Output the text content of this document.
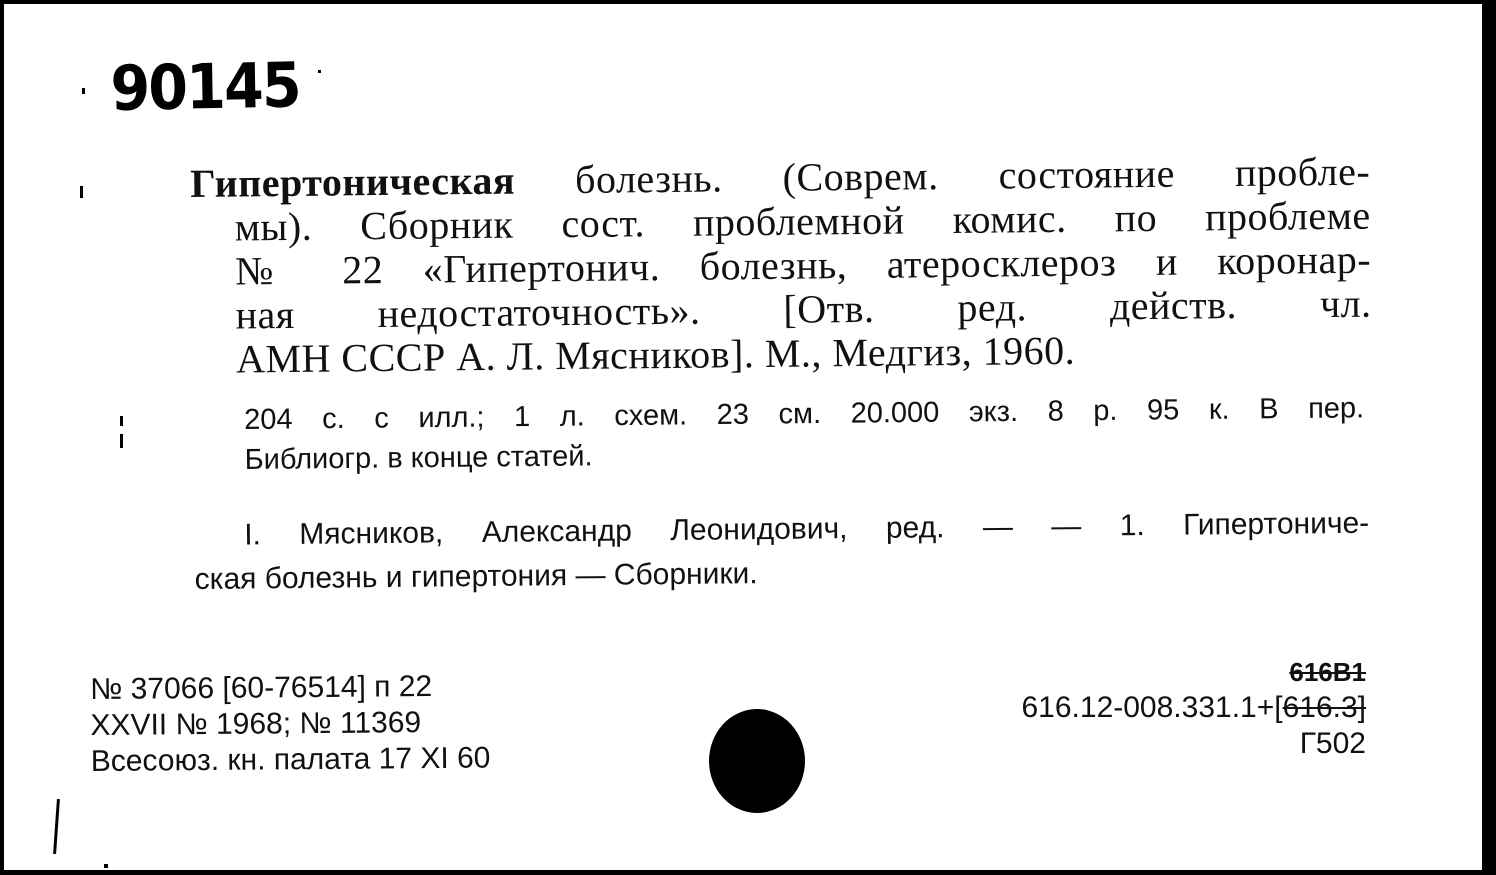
90145
Гипертоническая болезнь. (Соврем. состояние пробле-
мы). Сборник сост. проблемной комис. по проблеме
№ 22 «Гипертонич. болезнь, атеросклероз и коронар-
ная недостаточность». [Отв. ред. действ. чл.
АМН СССР А. Л. Мясников]. М., Медгиз, 1960.
204 с. с илл.; 1 л. схем. 23 см. 20.000 экз. 8 р. 95 к. В пер.
Библиогр. в конце статей.
I. Мясников, Александр Леонидович, ред. — — 1. Гипертониче-
ская болезнь и гипертония — Сборники.
№ 37066 [60-76514] п 22
XXVII № 1968; № 11369
Всесоюз. кн. палата 17 XI 60
616В1
616.12-008.331.1+[616.3]
Г502
